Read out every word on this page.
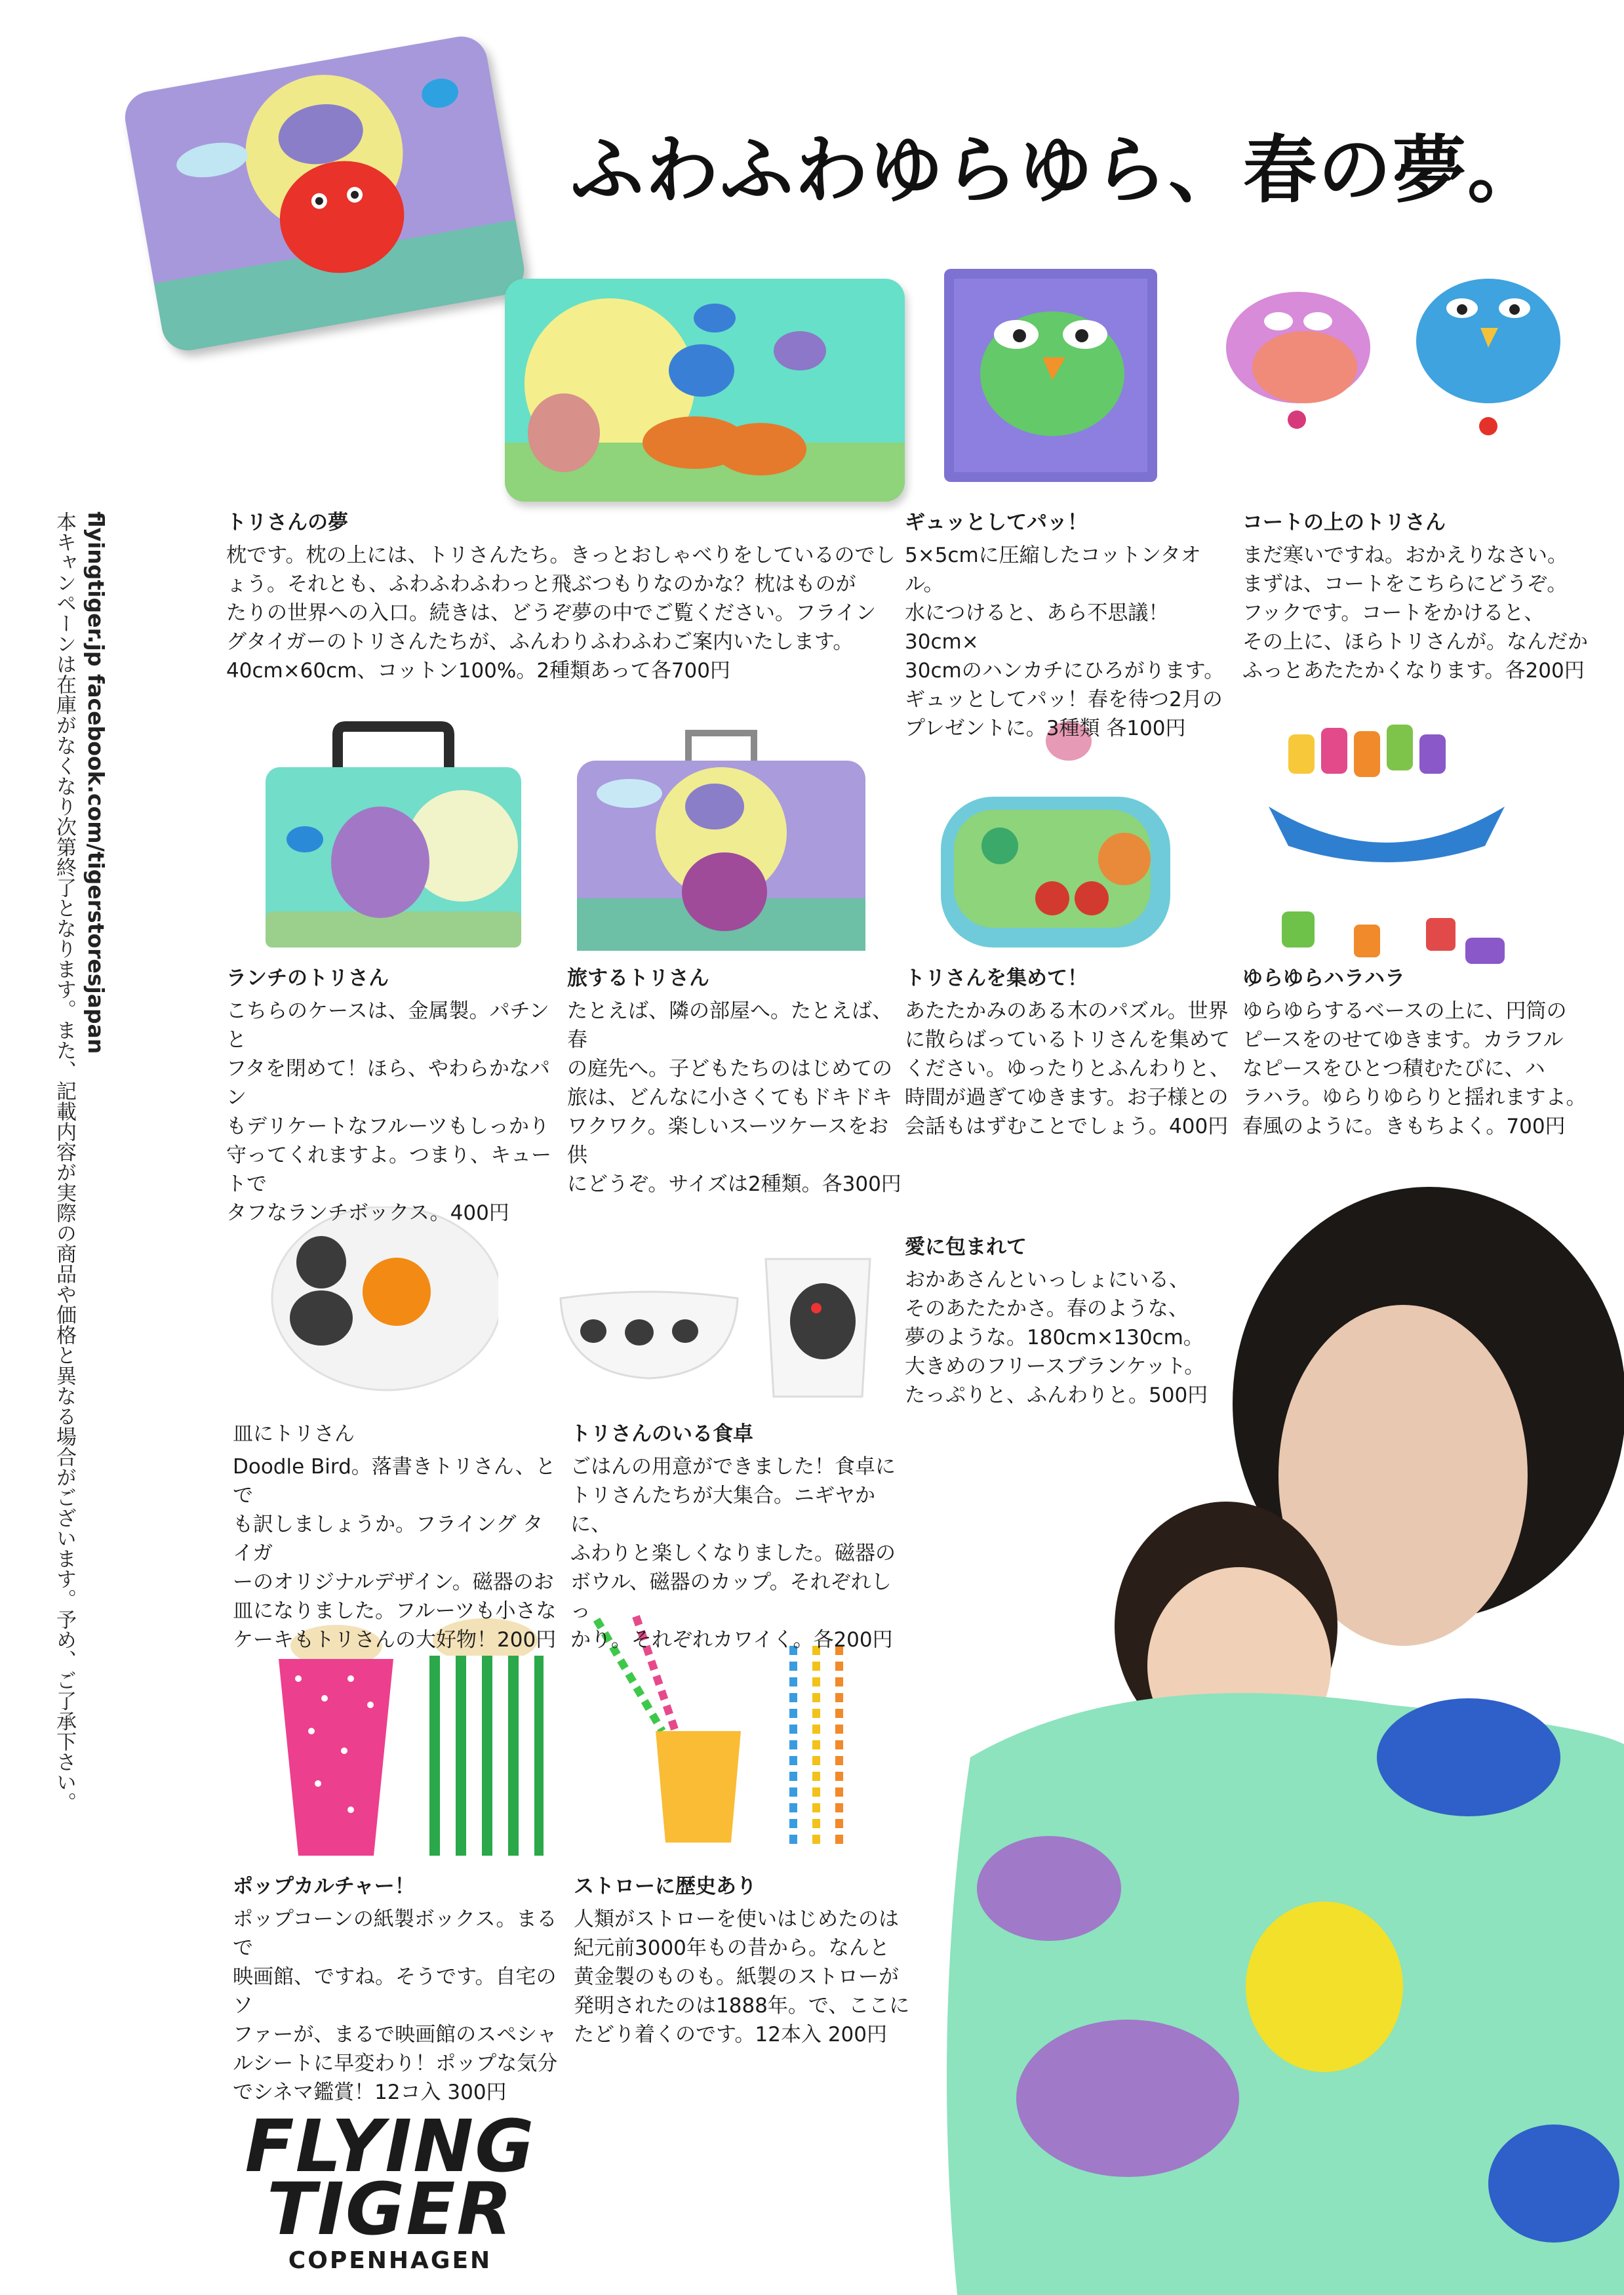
ふわふわゆらゆら、春の夢。
flyingtiger.jp facebook.com/tigerstoresjapan
本キャンペーンは在庫がなくなり次第終了となります。また、記載内容が実際の商品や価格と異なる場合がございます。予め、ご了承下さい。	トリさんの夢

枕です。枕の上には、トリさんたち。きっとおしゃべりをしているのでし

ょう。それとも、ふわふわふわっと飛ぶつもりなのかな？枕はものが

たりの世界への入口。続きは、どうぞ夢の中でご覧ください。フライン

グタイガーのトリさんたちが、ふんわりふわふわご案内いたします。

40cm×60cm、コットン100%。2種類あって各700円

ギュッとしてパッ！

5×5cmに圧縮したコットンタオル。

水につけると、あら不思議！30cm×

30cmのハンカチにひろがります。

ギュッとしてパッ！春を待つ2月の

プレゼントに。3種類 各100円

コートの上のトリさん

まだ寒いですね。おかえりなさい。

まずは、コートをこちらにどうぞ。

フックです。コートをかけると、

その上に、ほらトリさんが。なんだか

ふっとあたたかくなります。各200円

ランチのトリさん

こちらのケースは、金属製。パチンと

フタを閉めて！ほら、やわらかなパン

もデリケートなフルーツもしっかり

守ってくれますよ。つまり、キュートで

タフなランチボックス。400円

旅するトリさん

たとえば、隣の部屋へ。たとえば、春

の庭先へ。子どもたちのはじめての

旅は、どんなに小さくてもドキドキ

ワクワク。楽しいスーツケースをお供

にどうぞ。サイズは2種類。各300円

トリさんを集めて！

あたたかみのある木のパズル。世界

に散らばっているトリさんを集めて

ください。ゆったりとふんわりと、

時間が過ぎてゆきます。お子様との

会話もはずむことでしょう。400円

ゆらゆらハラハラ

ゆらゆらするベースの上に、円筒の

ピースをのせてゆきます。カラフル

なピースをひとつ積むたびに、ハ

ラハラ。ゆらりゆらりと揺れますよ。

春風のように。きもちよく。700円

愛に包まれて

おかあさんといっしょにいる、

そのあたたかさ。春のような、

夢のような。180cm×130cm。

大きめのフリースブランケット。

たっぷりと、ふんわりと。500円

皿にトリさん

Doodle Bird。落書きトリさん、とで

も訳しましょうか。フライング タイガ

ーのオリジナルデザイン。磁器のお

皿になりました。フルーツも小さな

ケーキもトリさんの大好物！200円

トリさんのいる食卓

ごはんの用意ができました！食卓に

トリさんたちが大集合。ニギヤかに、

ふわりと楽しくなりました。磁器の

ボウル、磁器のカップ。それぞれしっ

かり。それぞれカワイく。各200円

ポップカルチャー！

ポップコーンの紙製ボックス。まるで

映画館、ですね。そうです。自宅のソ

ファーが、まるで映画館のスペシャ

ルシートに早変わり！ポップな気分

でシネマ鑑賞！12コ入 300円

ストローに歴史あり

人類がストローを使いはじめたのは

紀元前3000年もの昔から。なんと

黄金製のものも。紙製のストローが

発明されたのは1888年。で、ここに

たどり着くのです。12本入 200円

FLYING
TIGER
COPENHAGEN
